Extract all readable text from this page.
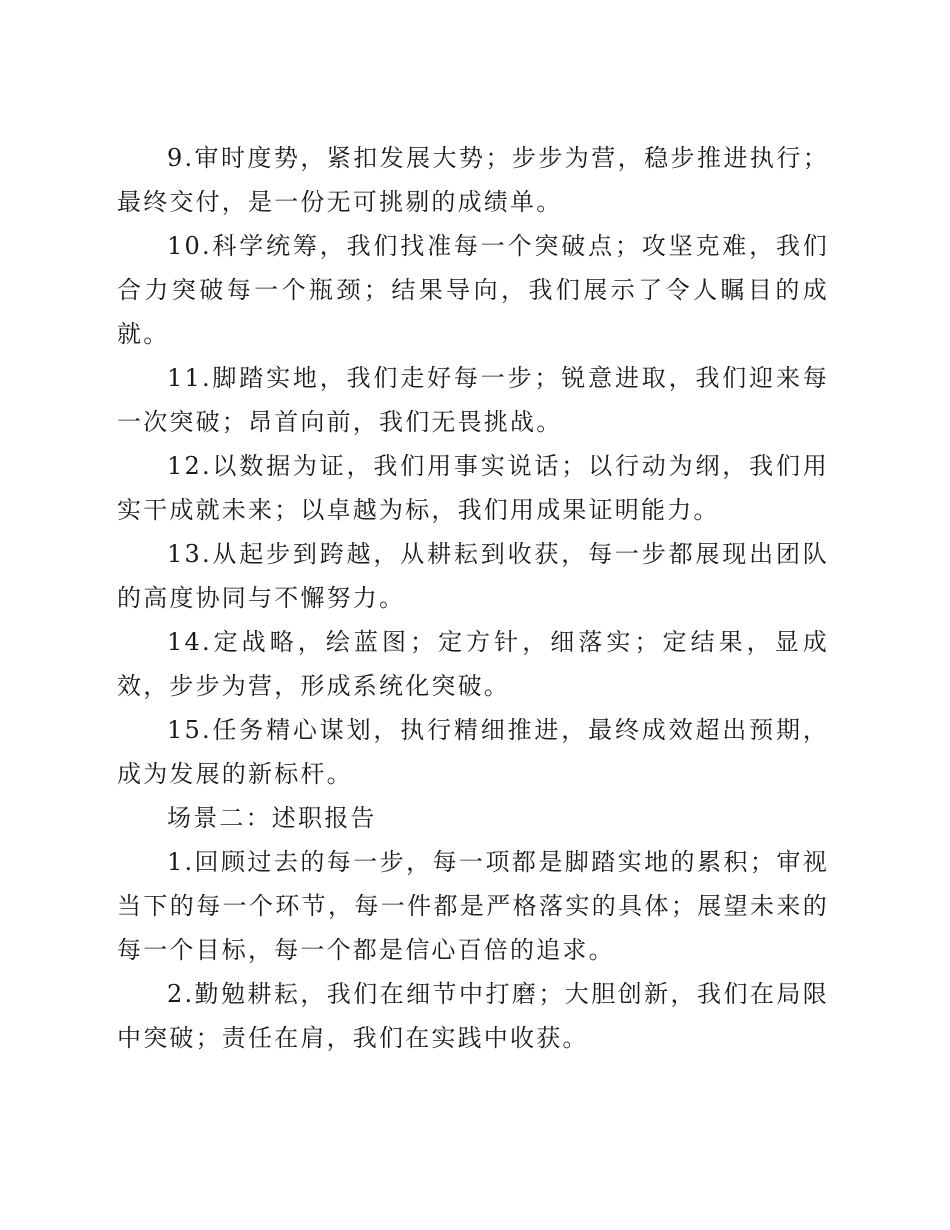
9.审时度势，紧扣发展大势；步步为营，稳步推进执行；最终交付，是一份无可挑剔的成绩单。

10.科学统筹，我们找准每一个突破点；攻坚克难，我们合力突破每一个瓶颈；结果导向，我们展示了令人瞩目的成就。

11.脚踏实地，我们走好每一步；锐意进取，我们迎来每一次突破；昂首向前，我们无畏挑战。

12.以数据为证，我们用事实说话；以行动为纲，我们用实干成就未来；以卓越为标，我们用成果证明能力。

13.从起步到跨越，从耕耘到收获，每一步都展现出团队的高度协同与不懈努力。

14.定战略，绘蓝图；定方针，细落实；定结果，显成效，步步为营，形成系统化突破。

15.任务精心谋划，执行精细推进，最终成效超出预期，成为发展的新标杆。

场景二：述职报告

1.回顾过去的每一步，每一项都是脚踏实地的累积；审视当下的每一个环节，每一件都是严格落实的具体；展望未来的每一个目标，每一个都是信心百倍的追求。

2.勤勉耕耘，我们在细节中打磨；大胆创新，我们在局限中突破；责任在肩，我们在实践中收获。
